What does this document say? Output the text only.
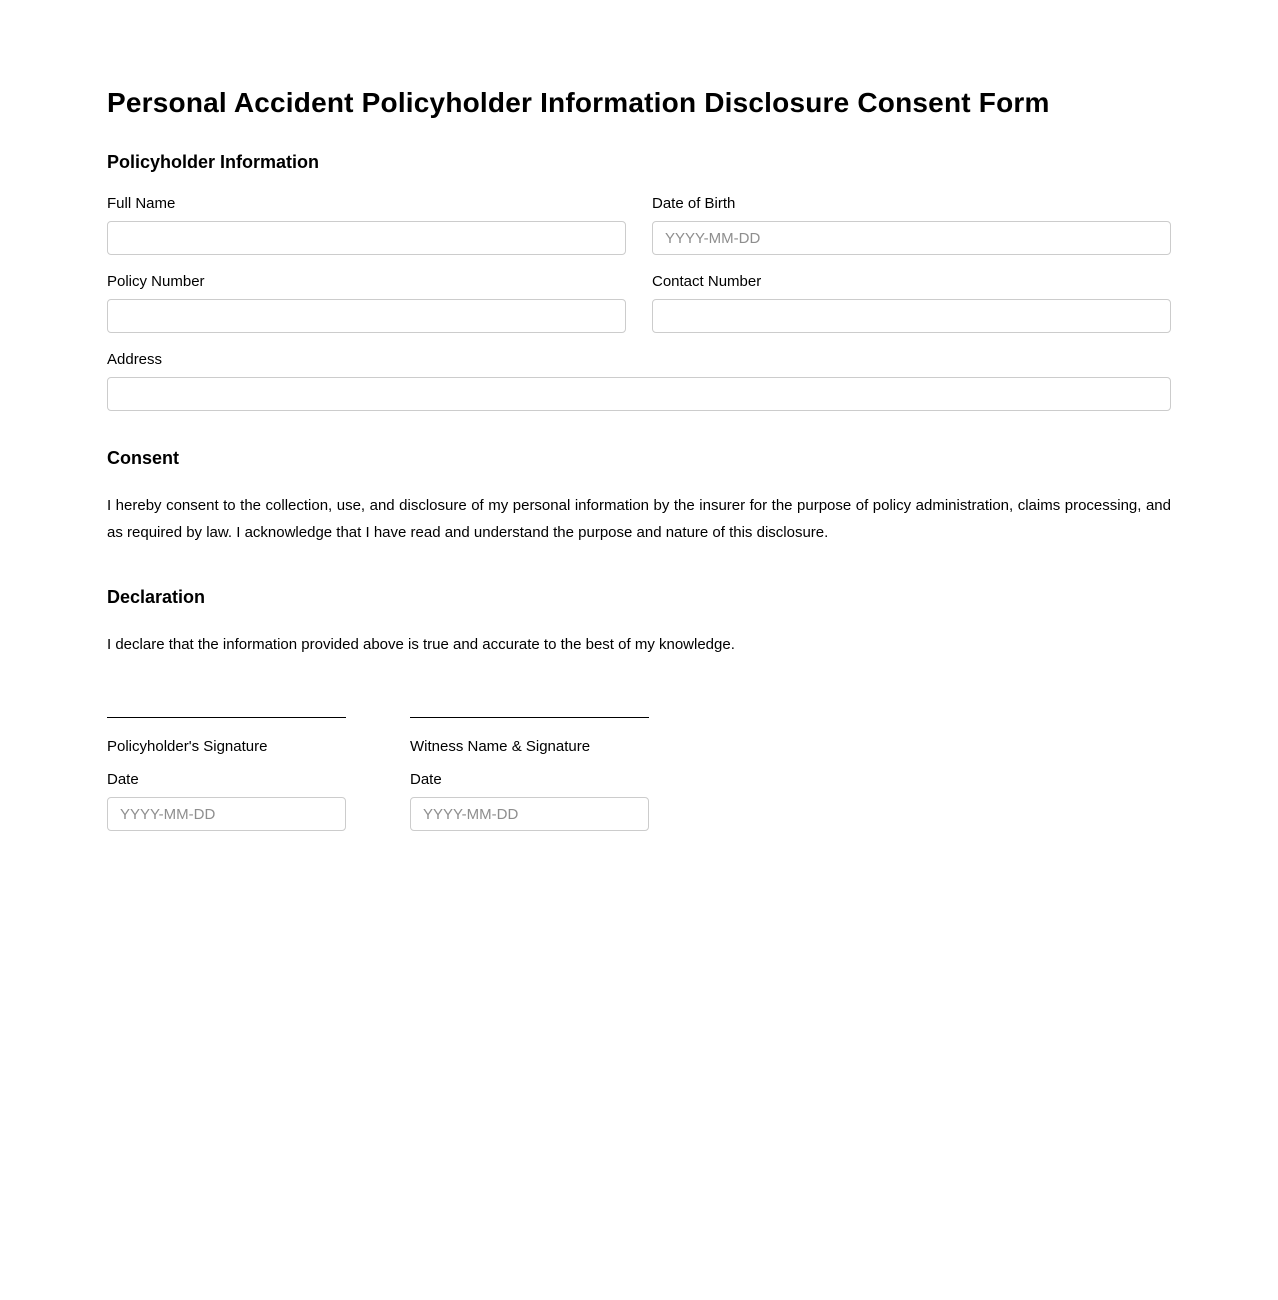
Personal Accident Policyholder Information Disclosure Consent Form
Policyholder Information
Full Name	Date of Birth
YYYY-MM-DD
Policy Number	Contact Number
Address
Consent

I hereby consent to the collection, use, and disclosure of my personal information by the insurer for the purpose of policy administration, claims processing, and as required by law. I acknowledge that I have read and understand the purpose and nature of this disclosure.

Declaration

I declare that the information provided above is true and accurate to the best of my knowledge.

Policyholder's Signature
Date
YYYY-MM-DD
Witness Name & Signature
Date
YYYY-MM-DD
